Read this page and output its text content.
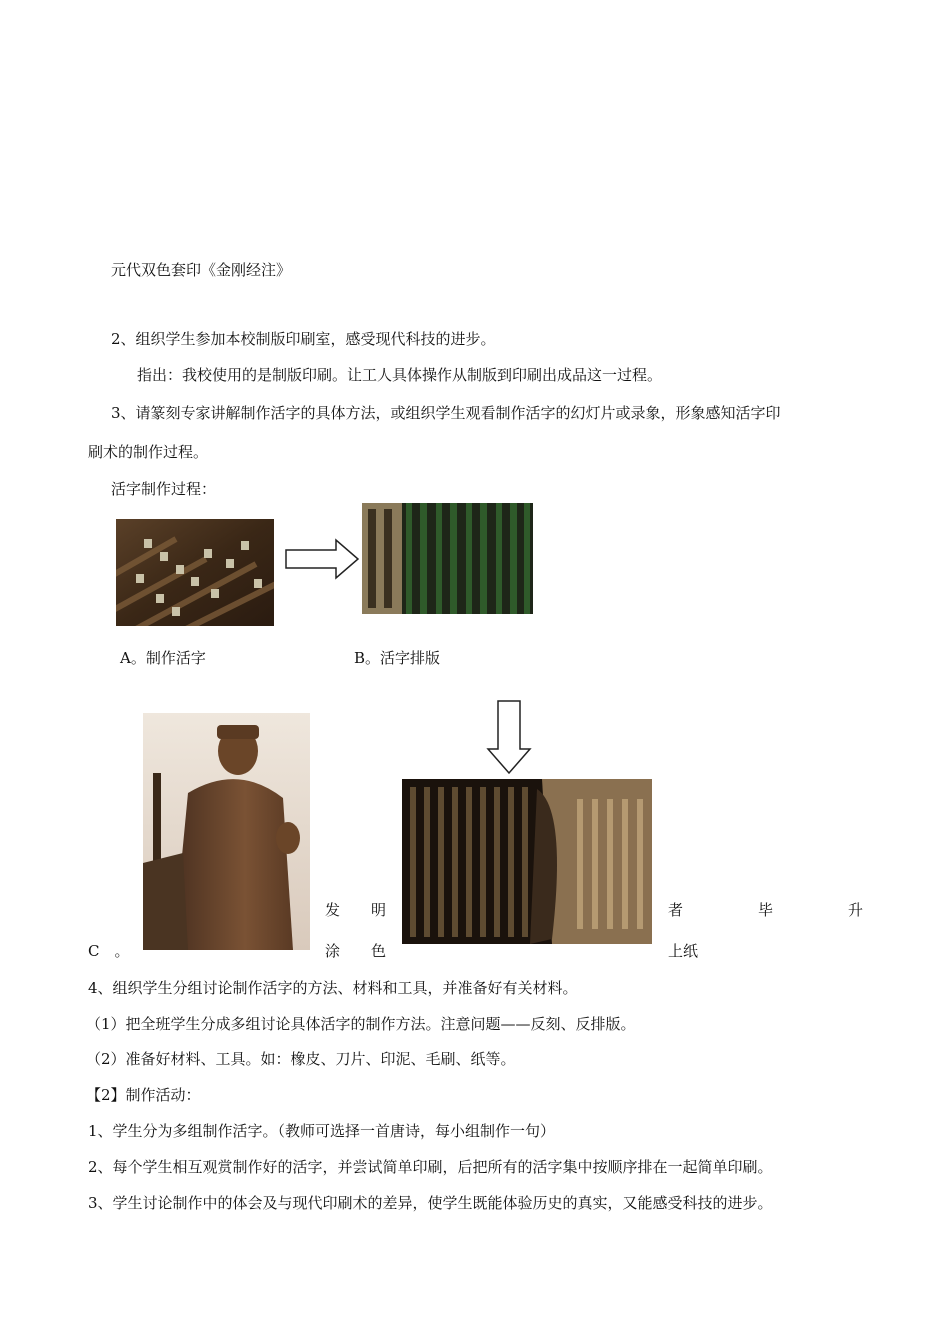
元代双色套印《金刚经注》
2、组织学生参加本校制版印刷室，感受现代科技的进步。
指出：我校使用的是制版印刷。让工人具体操作从制版到印刷出成品这一过程。
3、请篆刻专家讲解制作活字的具体方法，或组织学生观看制作活字的幻灯片或录象，形象感知活字印
刷术的制作过程。
活字制作过程：
A。制作活字	B。活字排版
C　。
发 明	者	毕	升
涂 色	上纸
4、组织学生分组讨论制作活字的方法、材料和工具，并准备好有关材料。
（1）把全班学生分成多组讨论具体活字的制作方法。注意问题——反刻、反排版。
（2）准备好材料、工具。如：橡皮、刀片、印泥、毛刷、纸等。
【2】制作活动：
1、学生分为多组制作活字。（教师可选择一首唐诗，每小组制作一句）
2、每个学生相互观赏制作好的活字，并尝试简单印刷，后把所有的活字集中按顺序排在一起简单印刷。
3、学生讨论制作中的体会及与现代印刷术的差异，使学生既能体验历史的真实，又能感受科技的进步。
